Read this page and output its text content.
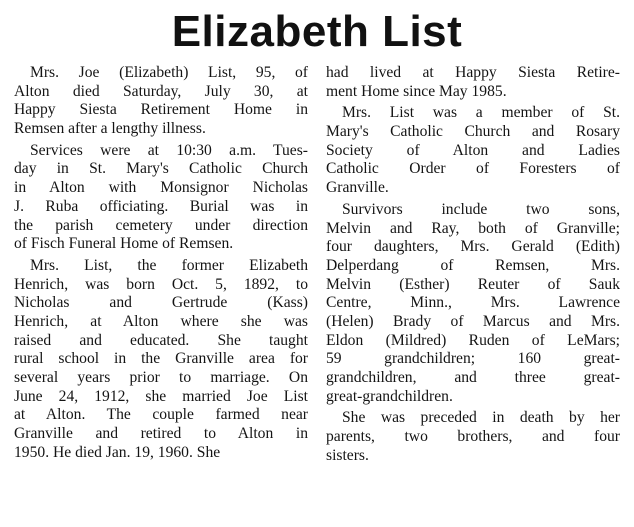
Elizabeth List
Mrs. Joe (Elizabeth) List, 95, of
Alton died Saturday, July 30, at
Happy Siesta Retirement Home in
Remsen after a lengthy illness.
Services were at 10:30 a.m. Tues-
day in St. Mary's Catholic Church
in Alton with Monsignor Nicholas
J. Ruba officiating. Burial was in
the parish cemetery under direction
of Fisch Funeral Home of Remsen.
Mrs. List, the former Elizabeth
Henrich, was born Oct. 5, 1892, to
Nicholas and Gertrude (Kass)
Henrich, at Alton where she was
raised and educated. She taught
rural school in the Granville area for
several years prior to marriage. On
June 24, 1912, she married Joe List
at Alton. The couple farmed near
Granville and retired to Alton in
1950. He died Jan. 19, 1960. She
had lived at Happy Siesta Retire-
ment Home since May 1985.
Mrs. List was a member of St.
Mary's Catholic Church and Rosary
Society of Alton and Ladies
Catholic Order of Foresters of
Granville.
Survivors include two sons,
Melvin and Ray, both of Granville;
four daughters, Mrs. Gerald (Edith)
Delperdang of Remsen, Mrs.
Melvin (Esther) Reuter of Sauk
Centre, Minn., Mrs. Lawrence
(Helen) Brady of Marcus and Mrs.
Eldon (Mildred) Ruden of LeMars;
59 grandchildren; 160 great-
grandchildren, and three great-
great-grandchildren.
She was preceded in death by her
parents, two brothers, and four
sisters.
